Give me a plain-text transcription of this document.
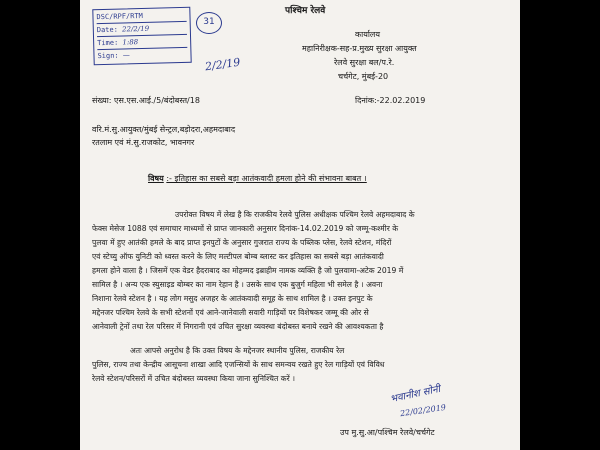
पश्चिम रेलवे
DSC/RPF/RTM
Date: 22/2/19
Time: 1:88
Sign: —
31
2/2/19
कार्यालय
महानिरीक्षक-सह-प्र.मुख्य सुरक्षा आयुक्त
रेलवे सुरक्षा बल/प.रे.
चर्चगेट, मुंबई-20
संख्या: एस.एस.आई./5/बंदोबस्त/18	दिनांक:-22.02.2019
वरि.मं.सु.आयुक्त/मुंबई सेन्ट्रल,बड़ोदरा,अहमदाबाद
रतलाम एवं मं.सु.राजकोट, भावनगर
विषय :- इतिहास का सबसे बड़ा आतंकवादी हमला होने की संभावना बाबत ।
उपरोक्त विषय में लेख है कि राजकीय रेलवे पुलिस अधीक्षक पश्चिम रेलवे अहमदाबाद के
फेक्स मेसेज 1088 एवं समाचार माध्यमों से प्राप्त जानकारी अनुसार दिनांक-14.02.2019 को जम्मू-कश्मीर के
पुलवा में हुए आतंकी हमले के बाद प्राप्त इनपुटों के अनुसार गुजरात राज्य के पब्लिक प्लेस, रेलवे स्टेशन, मंदिरों
एवं स्टेच्यु ऑफ युनिटी को ध्वस्त करने के लिए मल्टीपल बोम्ब ब्लास्ट कर इतिहास का सबसे बड़ा आतंकवादी
हमला होने वाला है । जिसमें एक वेडर हैदराबाद का मोहम्मद इब्राहीम नामक व्यक्ति है जो पुलवामा-अटेक 2019 में
सामिल है । अन्य एक स्युसाइड बोम्बर का नाम रेहान है । उसके साथ एक बुजुर्ग महिला भी समेल है । अवना
निशाना रेलवे स्टेशन है । यह लोग मसुद अजहर के आतंकवादी समूह के साथ शामिल है । उक्त इनपुट के
मद्देनजर पश्चिम रेलवे के सभी स्टेशनों एवं आने-जानेवाली सवारी गाड़ियों पर विशेषकर जम्मू की ओर से
आनेवाली ट्रेनों तथा रेल परिसर में निगरानी एवं उचित सुरक्षा व्यवस्था बंदोबस्त बनाये रखने की आवश्यकता है
अतः आपसे अनुरोध है कि उक्त विषय के मद्देनजर स्थानीय पुलिस, राजकीय रेल
पुलिस, राज्य तथा केन्द्रीय आसूचना शाखा आदि एजन्सियों के साथ समन्वय रखते हुए रेल गाड़ियों एवं विविध
रेलवे स्टेशन/परिसरों में उचित बंदोबस्त व्यवस्था किया जाना सुनिश्चित करें ।
भवानीश सोनी
22/02/2019
उप मु.सु.आ/पश्चिम रेलवे/चर्चगेट
